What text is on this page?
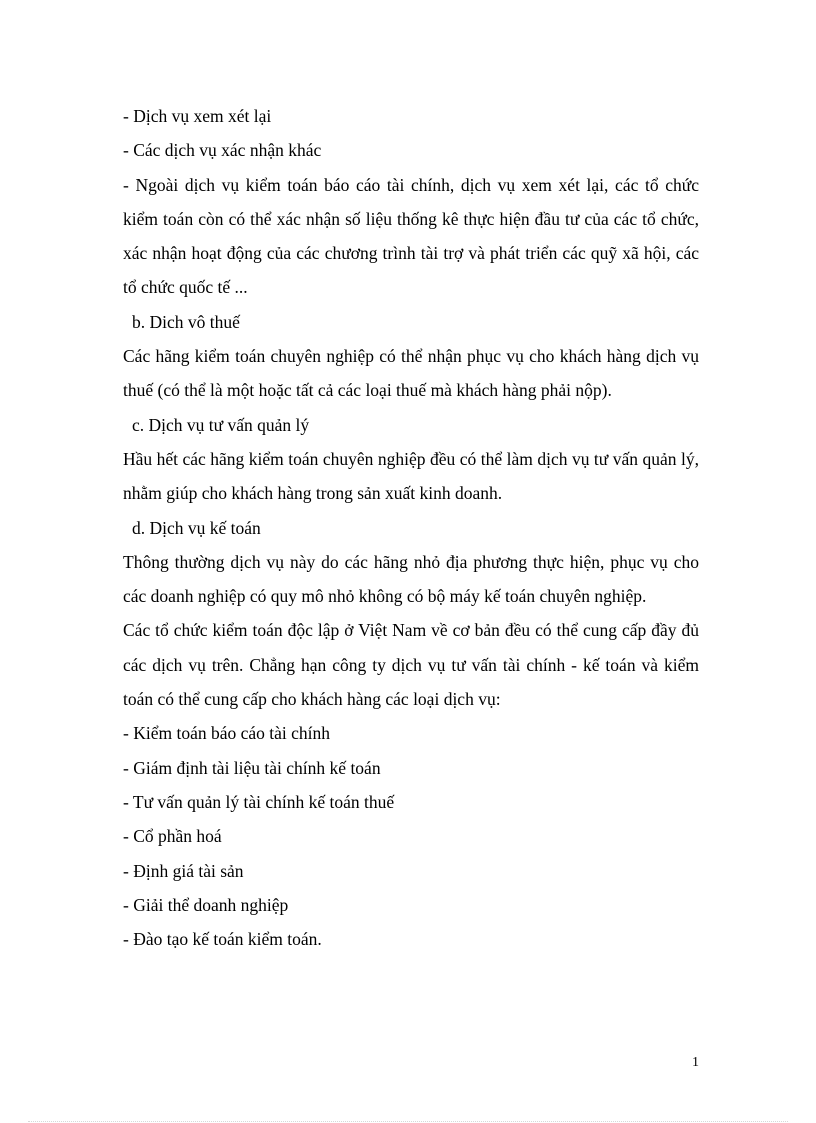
- Dịch vụ xem xét lại
- Các dịch vụ xác nhận khác

- Ngoài dịch vụ kiểm toán báo cáo tài chính, dịch vụ xem xét lại, các tổ chức kiểm toán còn có thể xác nhận số liệu thống kê thực hiện đầu tư của các tổ chức, xác nhận hoạt động của các chương trình tài trợ và phát triển các quỹ xã hội, các tổ chức quốc tế ...

b. Dich vô thuế

Các hãng kiểm toán chuyên nghiệp có thể nhận phục vụ cho khách hàng dịch vụ thuế (có thể là một hoặc tất cả các loại thuế mà khách hàng phải nộp).

c. Dịch vụ tư vấn quản lý

Hầu hết các hãng kiểm toán chuyên nghiệp đều có thể làm dịch vụ tư vấn quản lý, nhằm giúp cho khách hàng trong sản xuất kinh doanh.

d. Dịch vụ kế toán

Thông thường dịch vụ này do các hãng nhỏ địa phương thực hiện, phục vụ cho các doanh nghiệp có quy mô nhỏ không có bộ máy kế toán chuyên nghiệp.

Các tổ chức kiểm toán độc lập ở Việt Nam về cơ bản đều có thể cung cấp đầy đủ các dịch vụ trên. Chẳng hạn công ty dịch vụ tư vấn tài chính - kế toán và kiểm toán có thể cung cấp cho khách hàng các loại dịch vụ:

- Kiểm toán báo cáo tài chính
- Giám định tài liệu tài chính kế toán
- Tư vấn quản lý tài chính kế toán thuế
- Cổ phần hoá
- Định giá tài sản
- Giải thể doanh nghiệp
- Đào tạo kế toán kiểm toán.
1
